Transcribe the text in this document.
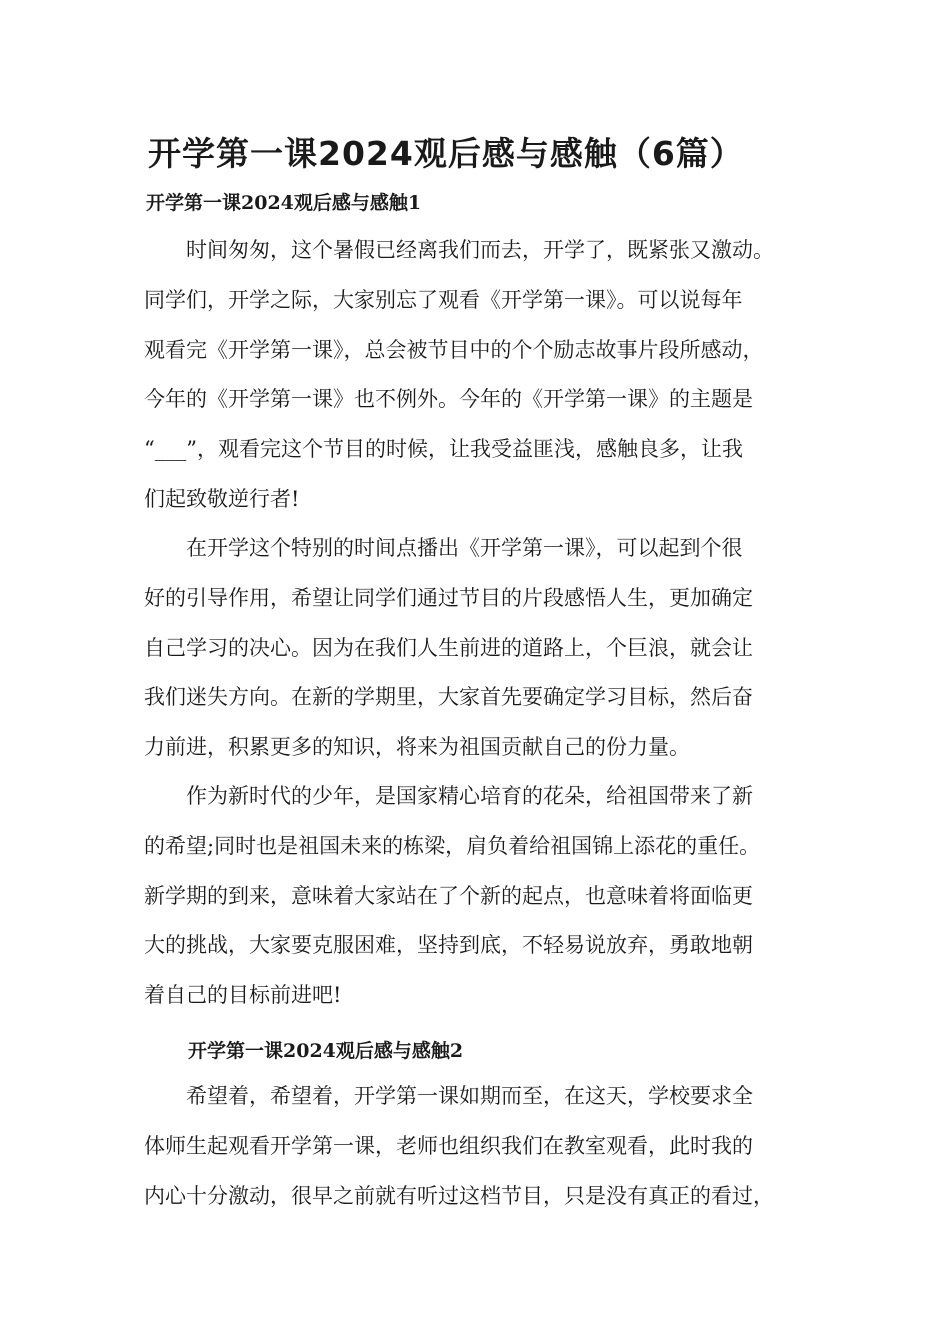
开学第一课2024观后感与感触（6篇）
开学第一课2024观后感与感触1

　　时间匆匆，这个暑假已经离我们而去，开学了，既紧张又激动。
同学们，开学之际，大家别忘了观看《开学第一课》。可以说每年
观看完《开学第一课》，总会被节目中的个个励志故事片段所感动，
今年的《开学第一课》也不例外。今年的《开学第一课》的主题是
“___”，观看完这个节目的时候，让我受益匪浅，感触良多，让我
们起致敬逆行者!

　　在开学这个特别的时间点播出《开学第一课》，可以起到个很
好的引导作用，希望让同学们通过节目的片段感悟人生，更加确定
自己学习的决心。因为在我们人生前进的道路上，个巨浪，就会让
我们迷失方向。在新的学期里，大家首先要确定学习目标，然后奋
力前进，积累更多的知识，将来为祖国贡献自己的份力量。

　　作为新时代的少年，是国家精心培育的花朵，给祖国带来了新
的希望;同时也是祖国未来的栋梁，肩负着给祖国锦上添花的重任。
新学期的到来，意味着大家站在了个新的起点，也意味着将面临更
大的挑战，大家要克服困难，坚持到底，不轻易说放弃，勇敢地朝
着自己的目标前进吧!

开学第一课2024观后感与感触2

　　希望着，希望着，开学第一课如期而至，在这天，学校要求全
体师生起观看开学第一课，老师也组织我们在教室观看，此时我的
内心十分激动，很早之前就有听过这档节目，只是没有真正的看过，
